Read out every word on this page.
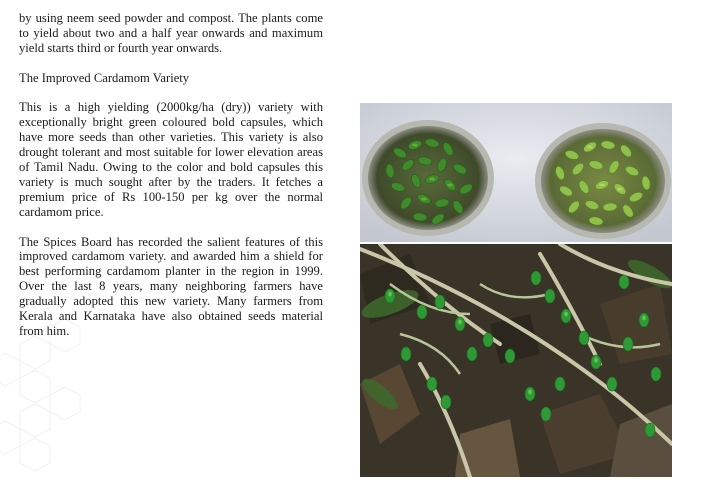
by using neem seed powder and compost. The plants come to yield about two and a half year onwards and maximum yield starts third or fourth year onwards.

The Improved Cardamom Variety

This is a high yielding (2000kg/ha (dry)) variety with exceptionally bright green coloured bold capsules, which have more seeds than other varieties. This variety is also drought tolerant and most suitable for lower elevation areas of Tamil Nadu. Owing to the color and bold capsules this variety is much sought after by the traders. It fetches a premium price of Rs 100-150 per kg over the normal cardamom price.

The Spices Board has recorded the salient features of this improved cardamom variety. and awarded him a shield for best performing cardamom planter in the region in 1999. Over the last 8 years, many neighboring farmers have gradually adopted this new variety. Many farmers from Kerala and Karnataka have also obtained seeds material from him.
